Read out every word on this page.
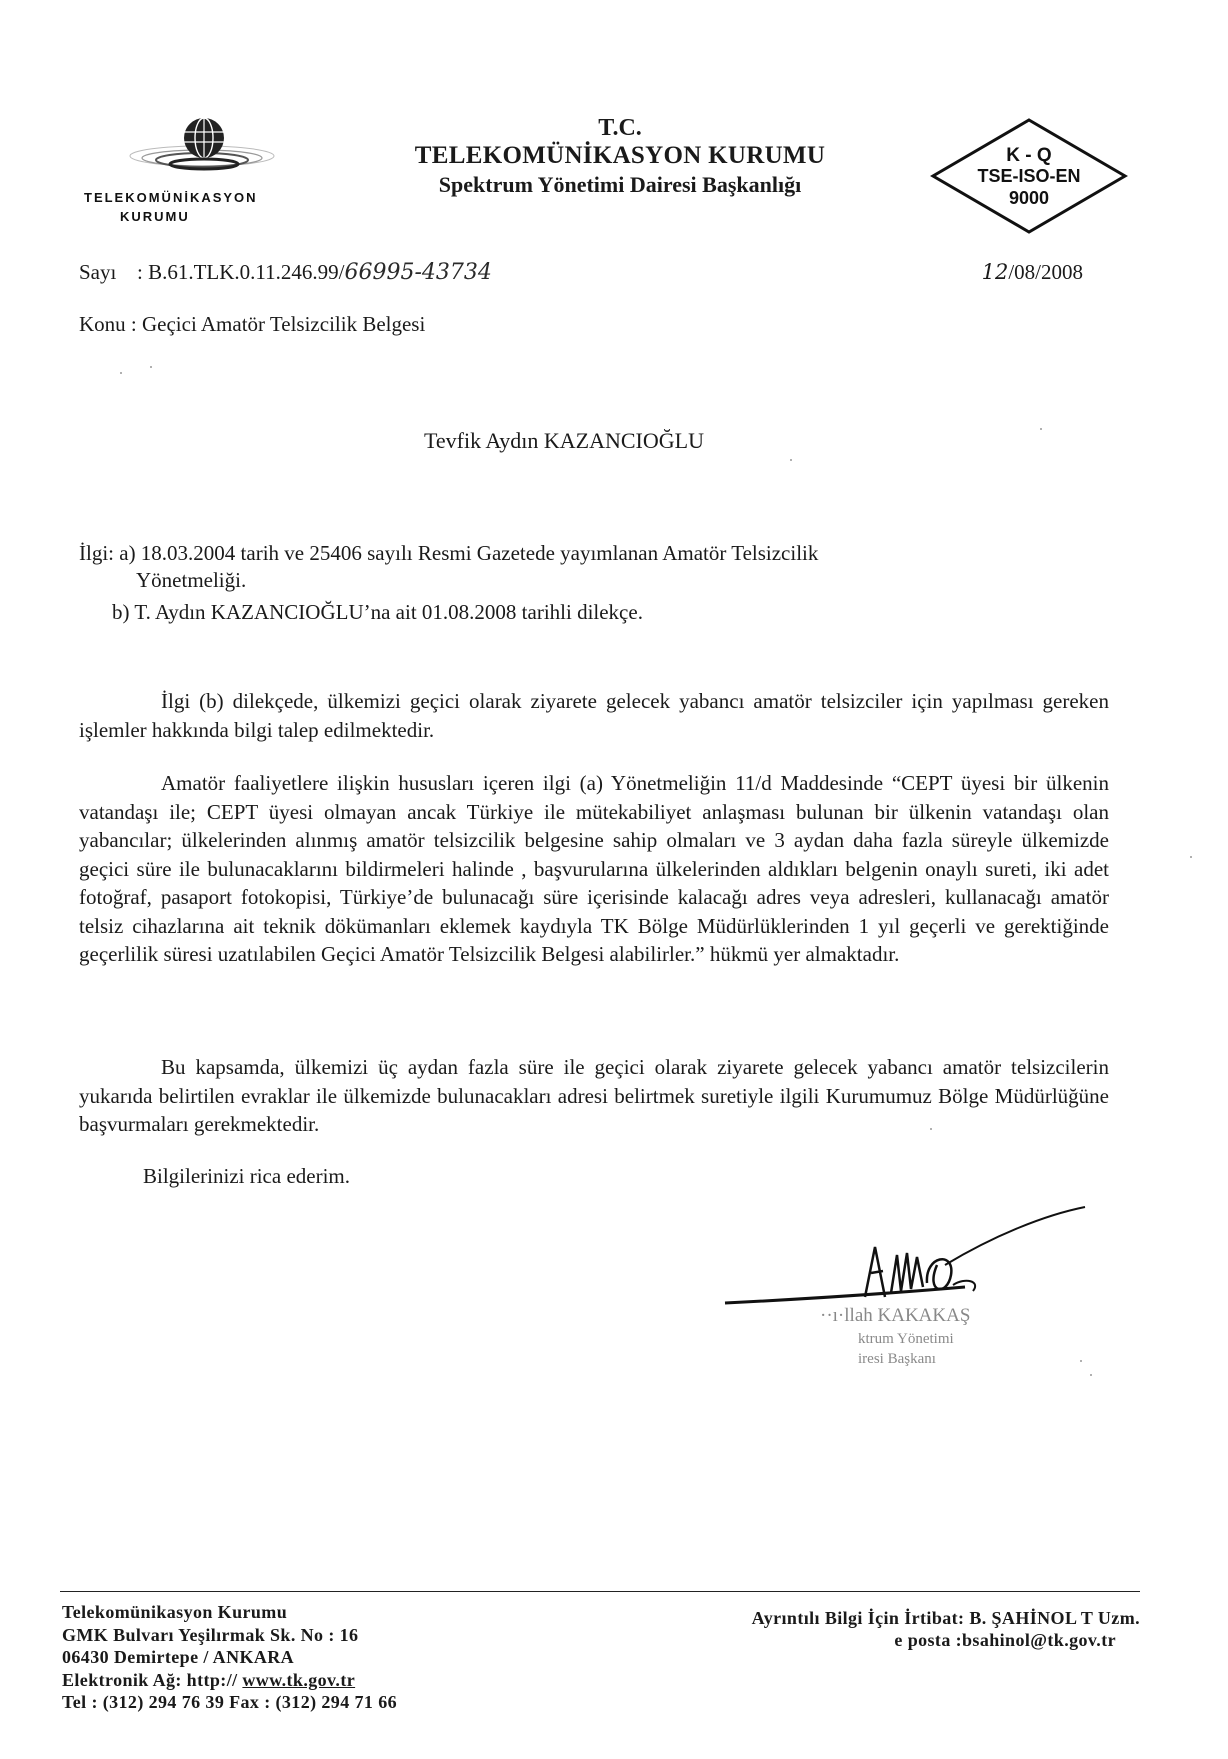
TELEKOMÜNİKASYON
KURUMU
T.C.
TELEKOMÜNİKASYON KURUMU
Spektrum Yönetimi Dairesi Başkanlığı
K - Q
TSE-ISO-EN
9000
Sayı : B.61.TLK.0.11.246.99/66995-43734	12/08/2008
Konu : Geçici Amatör Telsizcilik Belgesi
Tevfik Aydın KAZANCIOĞLU
İlgi: a) 18.03.2004 tarih ve 25406 sayılı Resmi Gazetede yayımlanan Amatör Telsizcilik
Yönetmeliği.
b) T. Aydın KAZANCIOĞLU’na ait 01.08.2008 tarihli dilekçe.
İlgi (b) dilekçede, ülkemizi geçici olarak ziyarete gelecek yabancı amatör telsizciler için yapılması gereken işlemler hakkında bilgi talep edilmektedir.
Amatör faaliyetlere ilişkin hususları içeren ilgi (a) Yönetmeliğin 11/d Maddesinde “CEPT üyesi bir ülkenin vatandaşı ile; CEPT üyesi olmayan ancak Türkiye ile mütekabiliyet anlaşması bulunan bir ülkenin vatandaşı olan yabancılar; ülkelerinden alınmış amatör telsizcilik belgesine sahip olmaları ve 3 aydan daha fazla süreyle ülkemizde geçici süre ile bulunacaklarını bildirmeleri halinde , başvurularına ülkelerinden aldıkları belgenin onaylı sureti, iki adet fotoğraf, pasaport fotokopisi, Türkiye’de bulunacağı süre içerisinde kalacağı adres veya adresleri, kullanacağı amatör telsiz cihazlarına ait teknik dökümanları eklemek kaydıyla TK Bölge Müdürlüklerinden 1 yıl geçerli ve gerektiğinde geçerlilik süresi uzatılabilen Geçici Amatör Telsizcilik Belgesi alabilirler.” hükmü yer almaktadır.
Bu kapsamda, ülkemizi üç aydan fazla süre ile geçici olarak ziyarete gelecek yabancı amatör telsizcilerin yukarıda belirtilen evraklar ile ülkemizde bulunacakları adresi belirtmek suretiyle ilgili Kurumumuz Bölge Müdürlüğüne başvurmaları gerekmektedir.
Bilgilerinizi rica ederim.
··ı·llah KAKAKAŞ
ktrum Yönetimi
iresi Başkanı
Telekomünikasyon Kurumu
GMK Bulvarı Yeşilırmak Sk. No : 16
06430 Demirtepe / ANKARA
Elektronik Ağ: http:// www.tk.gov.tr
Tel : (312) 294 76 39 Fax : (312) 294 71 66
Ayrıntılı Bilgi İçin İrtibat: B. ŞAHİNOL T Uzm.
e posta :bsahinol@tk.gov.tr
